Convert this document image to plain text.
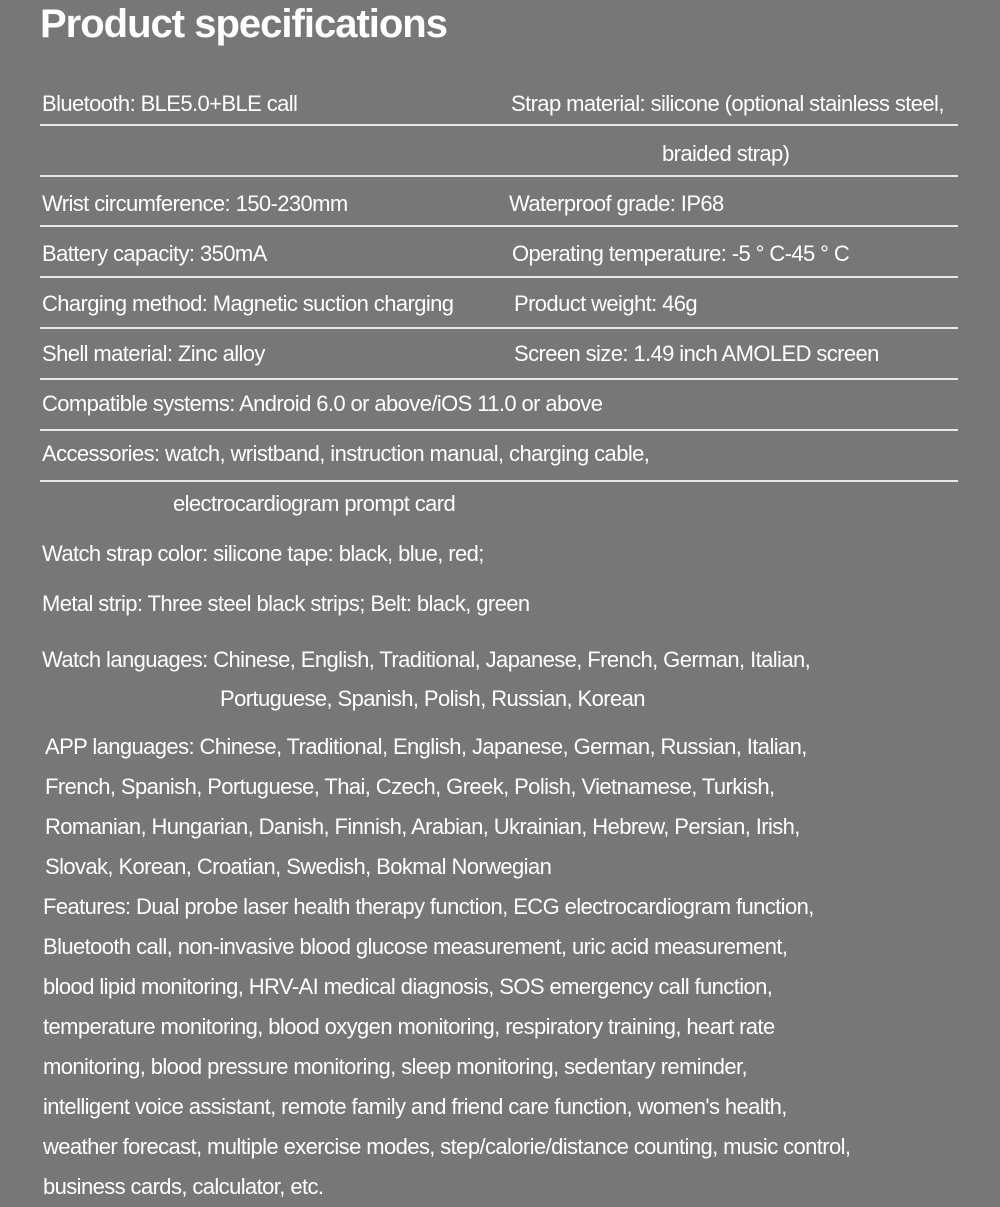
Product specifications
Bluetooth: BLE5.0+BLE call	Strap material: silicone (optional stainless steel,
braided strap)
Wrist circumference: 150-230mm	Waterproof grade: IP68
Battery capacity: 350mA	Operating temperature: -5 ° C-45 ° C
Charging method: Magnetic suction charging	Product weight: 46g
Shell material: Zinc alloy	Screen size: 1.49 inch AMOLED screen
Compatible systems: Android 6.0 or above/iOS 11.0 or above
Accessories: watch, wristband, instruction manual, charging cable,
electrocardiogram prompt card
Watch strap color: silicone tape: black, blue, red;
Metal strip: Three steel black strips; Belt: black, green
Watch languages: Chinese, English, Traditional, Japanese, French, German, Italian,
Portuguese, Spanish, Polish, Russian, Korean
APP languages: Chinese, Traditional, English, Japanese, German, Russian, Italian,
French, Spanish, Portuguese, Thai, Czech, Greek, Polish, Vietnamese, Turkish,
Romanian, Hungarian, Danish, Finnish, Arabian, Ukrainian, Hebrew, Persian, Irish,
Slovak, Korean, Croatian, Swedish, Bokmal Norwegian
Features: Dual probe laser health therapy function, ECG electrocardiogram function,
Bluetooth call, non-invasive blood glucose measurement, uric acid measurement,
blood lipid monitoring, HRV-AI medical diagnosis, SOS emergency call function,
temperature monitoring, blood oxygen monitoring, respiratory training, heart rate
monitoring, blood pressure monitoring, sleep monitoring, sedentary reminder,
intelligent voice assistant, remote family and friend care function, women's health,
weather forecast, multiple exercise modes, step/calorie/distance counting, music control,
business cards, calculator, etc.
